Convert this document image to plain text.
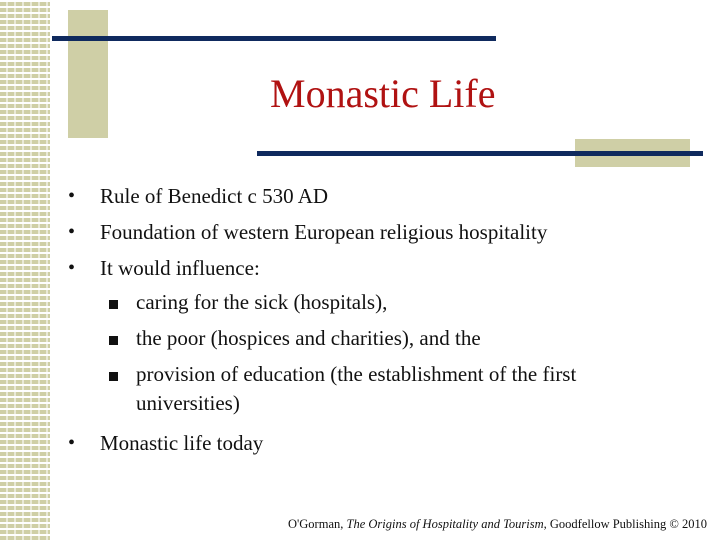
Monastic Life
• Rule of Benedict c 530 AD
• Foundation of western European religious hospitality
• It would influence:
caring for the sick (hospitals),
the poor (hospices and charities), and the
provision of education (the establishment of the first universities)
• Monastic life today
O'Gorman, The Origins of Hospitality and Tourism, Goodfellow Publishing © 2010
